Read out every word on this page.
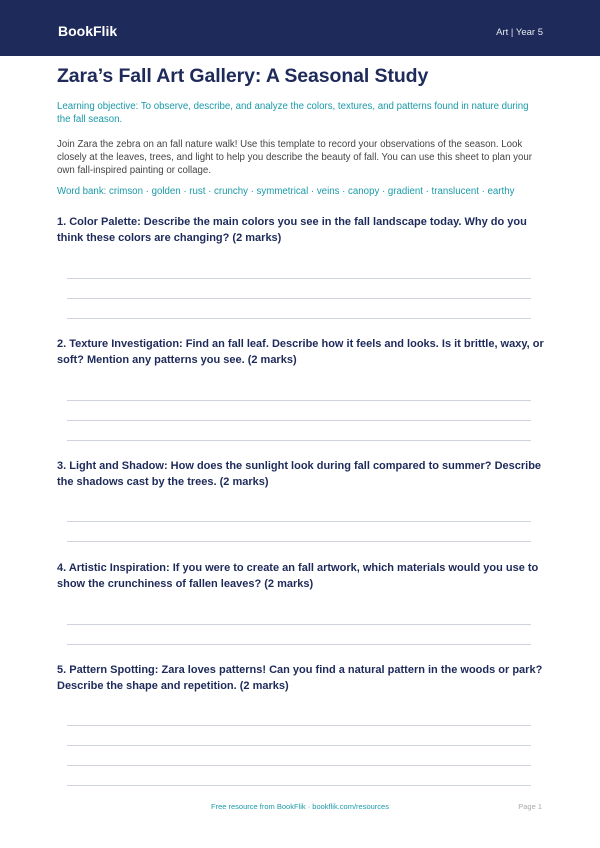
BookFlik	Art | Year 5
Zara’s Fall Art Gallery: A Seasonal Study
Learning objective: To observe, describe, and analyze the colors, textures, and patterns found in nature during the fall season.
Join Zara the zebra on an fall nature walk! Use this template to record your observations of the season. Look closely at the leaves, trees, and light to help you describe the beauty of fall. You can use this sheet to plan your own fall-inspired painting or collage.
Word bank: crimson · golden · rust · crunchy · symmetrical · veins · canopy · gradient · translucent · earthy
1. Color Palette: Describe the main colors you see in the fall landscape today. Why do you think these colors are changing? (2 marks)
2. Texture Investigation: Find an fall leaf. Describe how it feels and looks. Is it brittle, waxy, or soft? Mention any patterns you see. (2 marks)
3. Light and Shadow: How does the sunlight look during fall compared to summer? Describe the shadows cast by the trees. (2 marks)
4. Artistic Inspiration: If you were to create an fall artwork, which materials would you use to show the crunchiness of fallen leaves? (2 marks)
5. Pattern Spotting: Zara loves patterns! Can you find a natural pattern in the woods or park? Describe the shape and repetition. (2 marks)
Free resource from BookFlik · bookflik.com/resources	Page 1
